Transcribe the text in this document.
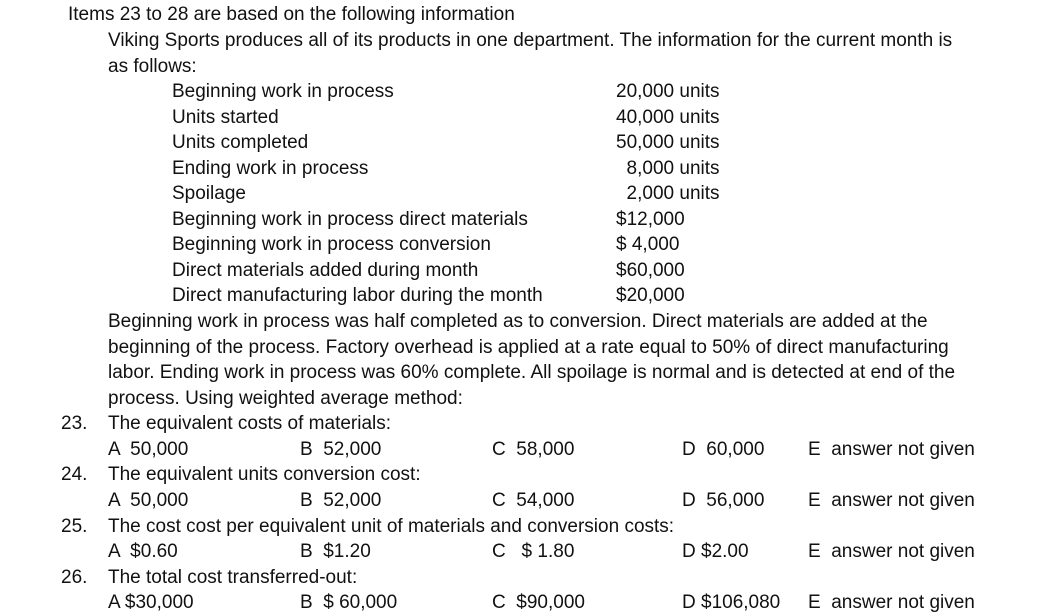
Items 23 to 28 are based on the following information
Viking Sports produces all of its products in one department. The information for the current month is
as follows:
Beginning work in process	20,000 units
Units started	40,000 units
Units completed	50,000 units
Ending work in process	8,000 units
Spoilage	2,000 units
Beginning work in process direct materials	$12,000
Beginning work in process conversion	$ 4,000
Direct materials added during month	$60,000
Direct manufacturing labor during the month	$20,000
Beginning work in process was half completed as to conversion. Direct materials are added at the
beginning of the process. Factory overhead is applied at a rate equal to 50% of direct manufacturing
labor. Ending work in process was 60% complete. All spoilage is normal and is detected at end of the
process. Using weighted average method:
23. The equivalent costs of materials:
A  50,000	B  52,000	C  58,000	D  60,000 E  answer not given
24. The equivalent units conversion cost:
A  50,000	B  52,000	C  54,000	D  56,000 E  answer not given
25. The cost cost per equivalent unit of materials and conversion costs:
A  $0.60	B  $1.20	C   $ 1.80	D $2.00	E  answer not given
26. The total cost transferred-out:
A $30,000	B  $ 60,000	C  $90,000	D $106,080 E  answer not given
